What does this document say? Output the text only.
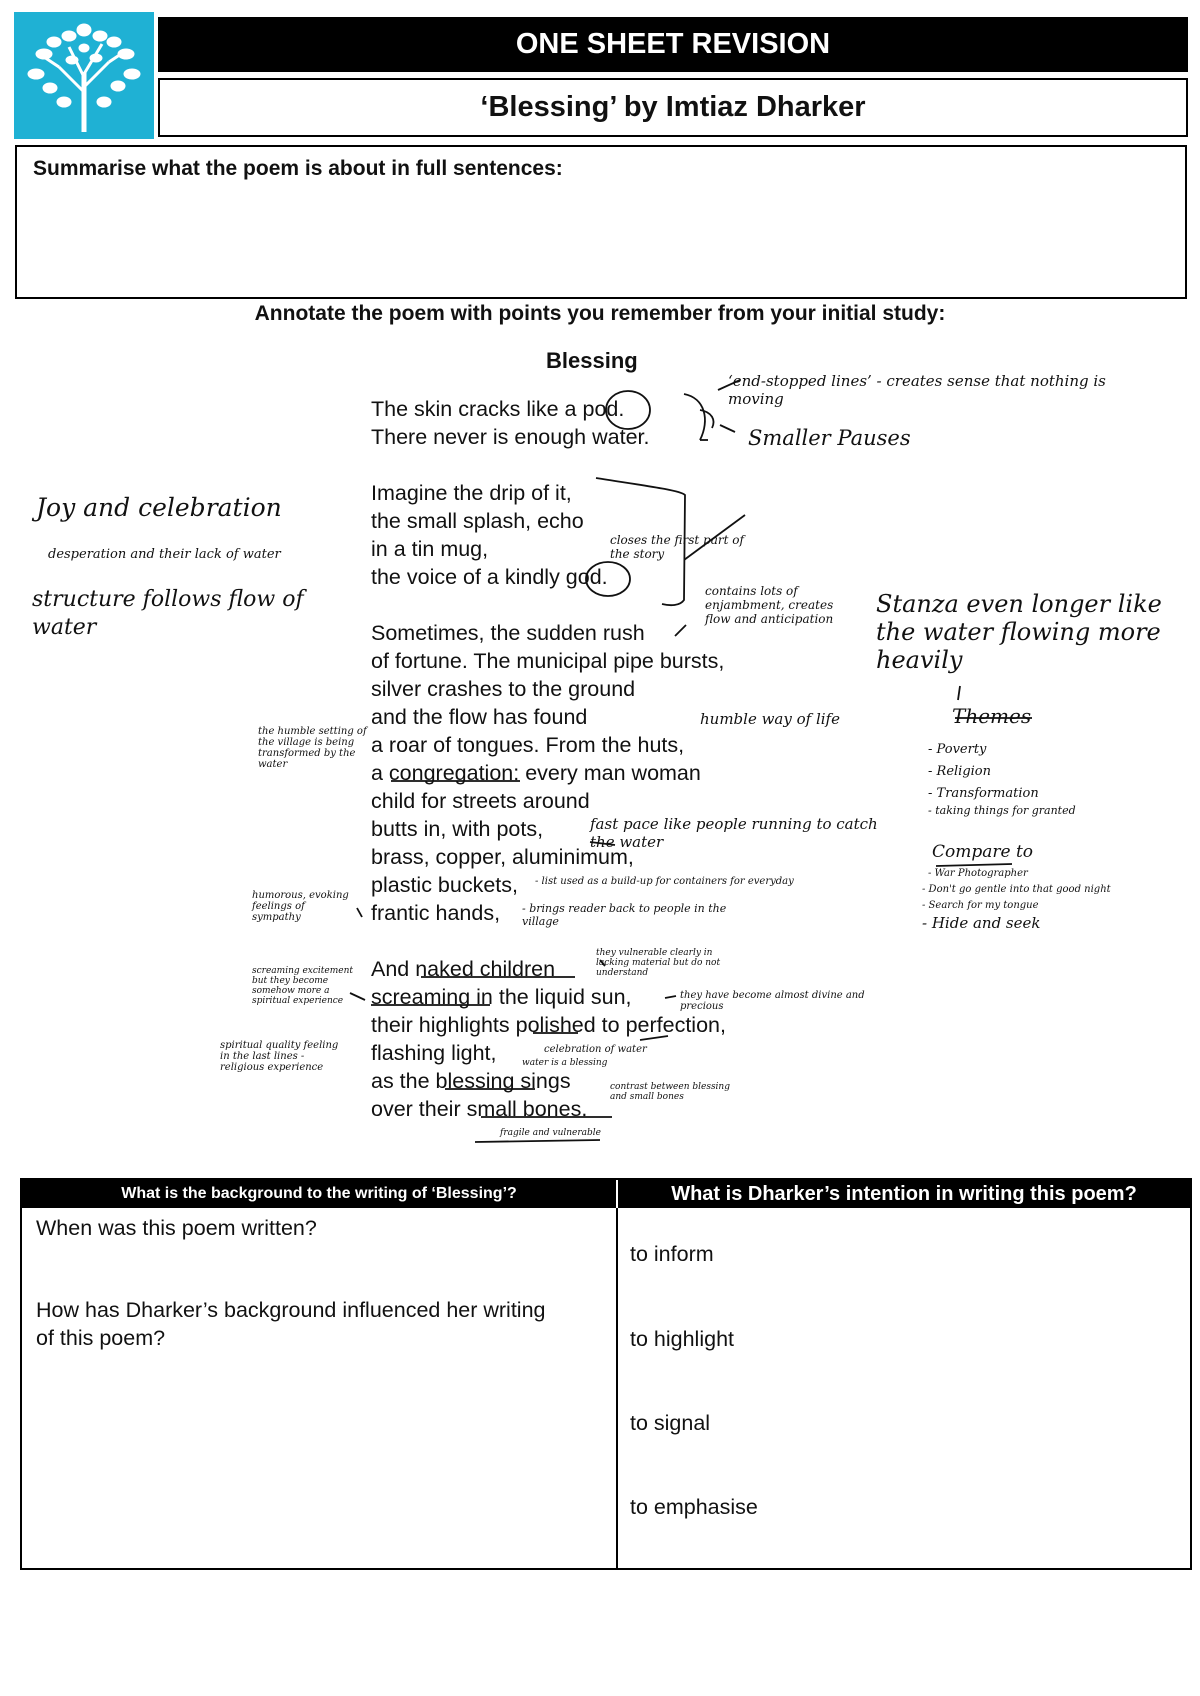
ONE SHEET REVISION
‘Blessing’ by Imtiaz Dharker
Summarise what the poem is about in full sentences:
Annotate the poem with points you remember from your initial study:
Blessing
The skin cracks like a pod.
There never is enough water.
Imagine the drip of it,
the small splash, echo
in a tin mug,
the voice of a kindly god.
Sometimes, the sudden rush
of fortune. The municipal pipe bursts,
silver crashes to the ground
and the flow has found
a roar of tongues. From the huts,
a congregation: every man woman
child for streets around
butts in, with pots,
brass, copper, aluminimum,
plastic buckets,
frantic hands,
And naked children
screaming in the liquid sun,
their highlights polished to perfection,
flashing light,
as the blessing sings
over their small bones.
‘end-stopped lines’ - creates sense that nothing is moving
Smaller Pauses
Joy and celebration
desperation and their lack of water
structure follows flow of water
closes the first part of the story
contains lots of enjambment, creates flow and anticipation
Stanza even longer like the water flowing more heavily
humble way of life
the humble setting of the village is being transformed by the water
fast pace like people running to catch the water
Themes
- Poverty
- Religion
- Transformation
- taking things for granted
Compare to
- War Photographer
- Don't go gentle into that good night
- Search for my tongue
- Hide and seek
- list used as a build-up for containers for everyday
- brings reader back to people in the village
humorous, evoking feelings of sympathy
they vulnerable clearly in lacking material but do not understand
screaming excitement but they become somehow more a spiritual experience	they have become almost divine and precious
celebration of water
water is a blessing
contrast between blessing and small bones
fragile and vulnerable
spiritual quality feeling in the last lines - religious experience
What is the background to the writing of ‘Blessing’?	What is Dharker’s intention in writing this poem?
When was this poem written?
How has Dharker’s background influenced her writing of this poem?
to inform
to highlight
to signal
to emphasise
